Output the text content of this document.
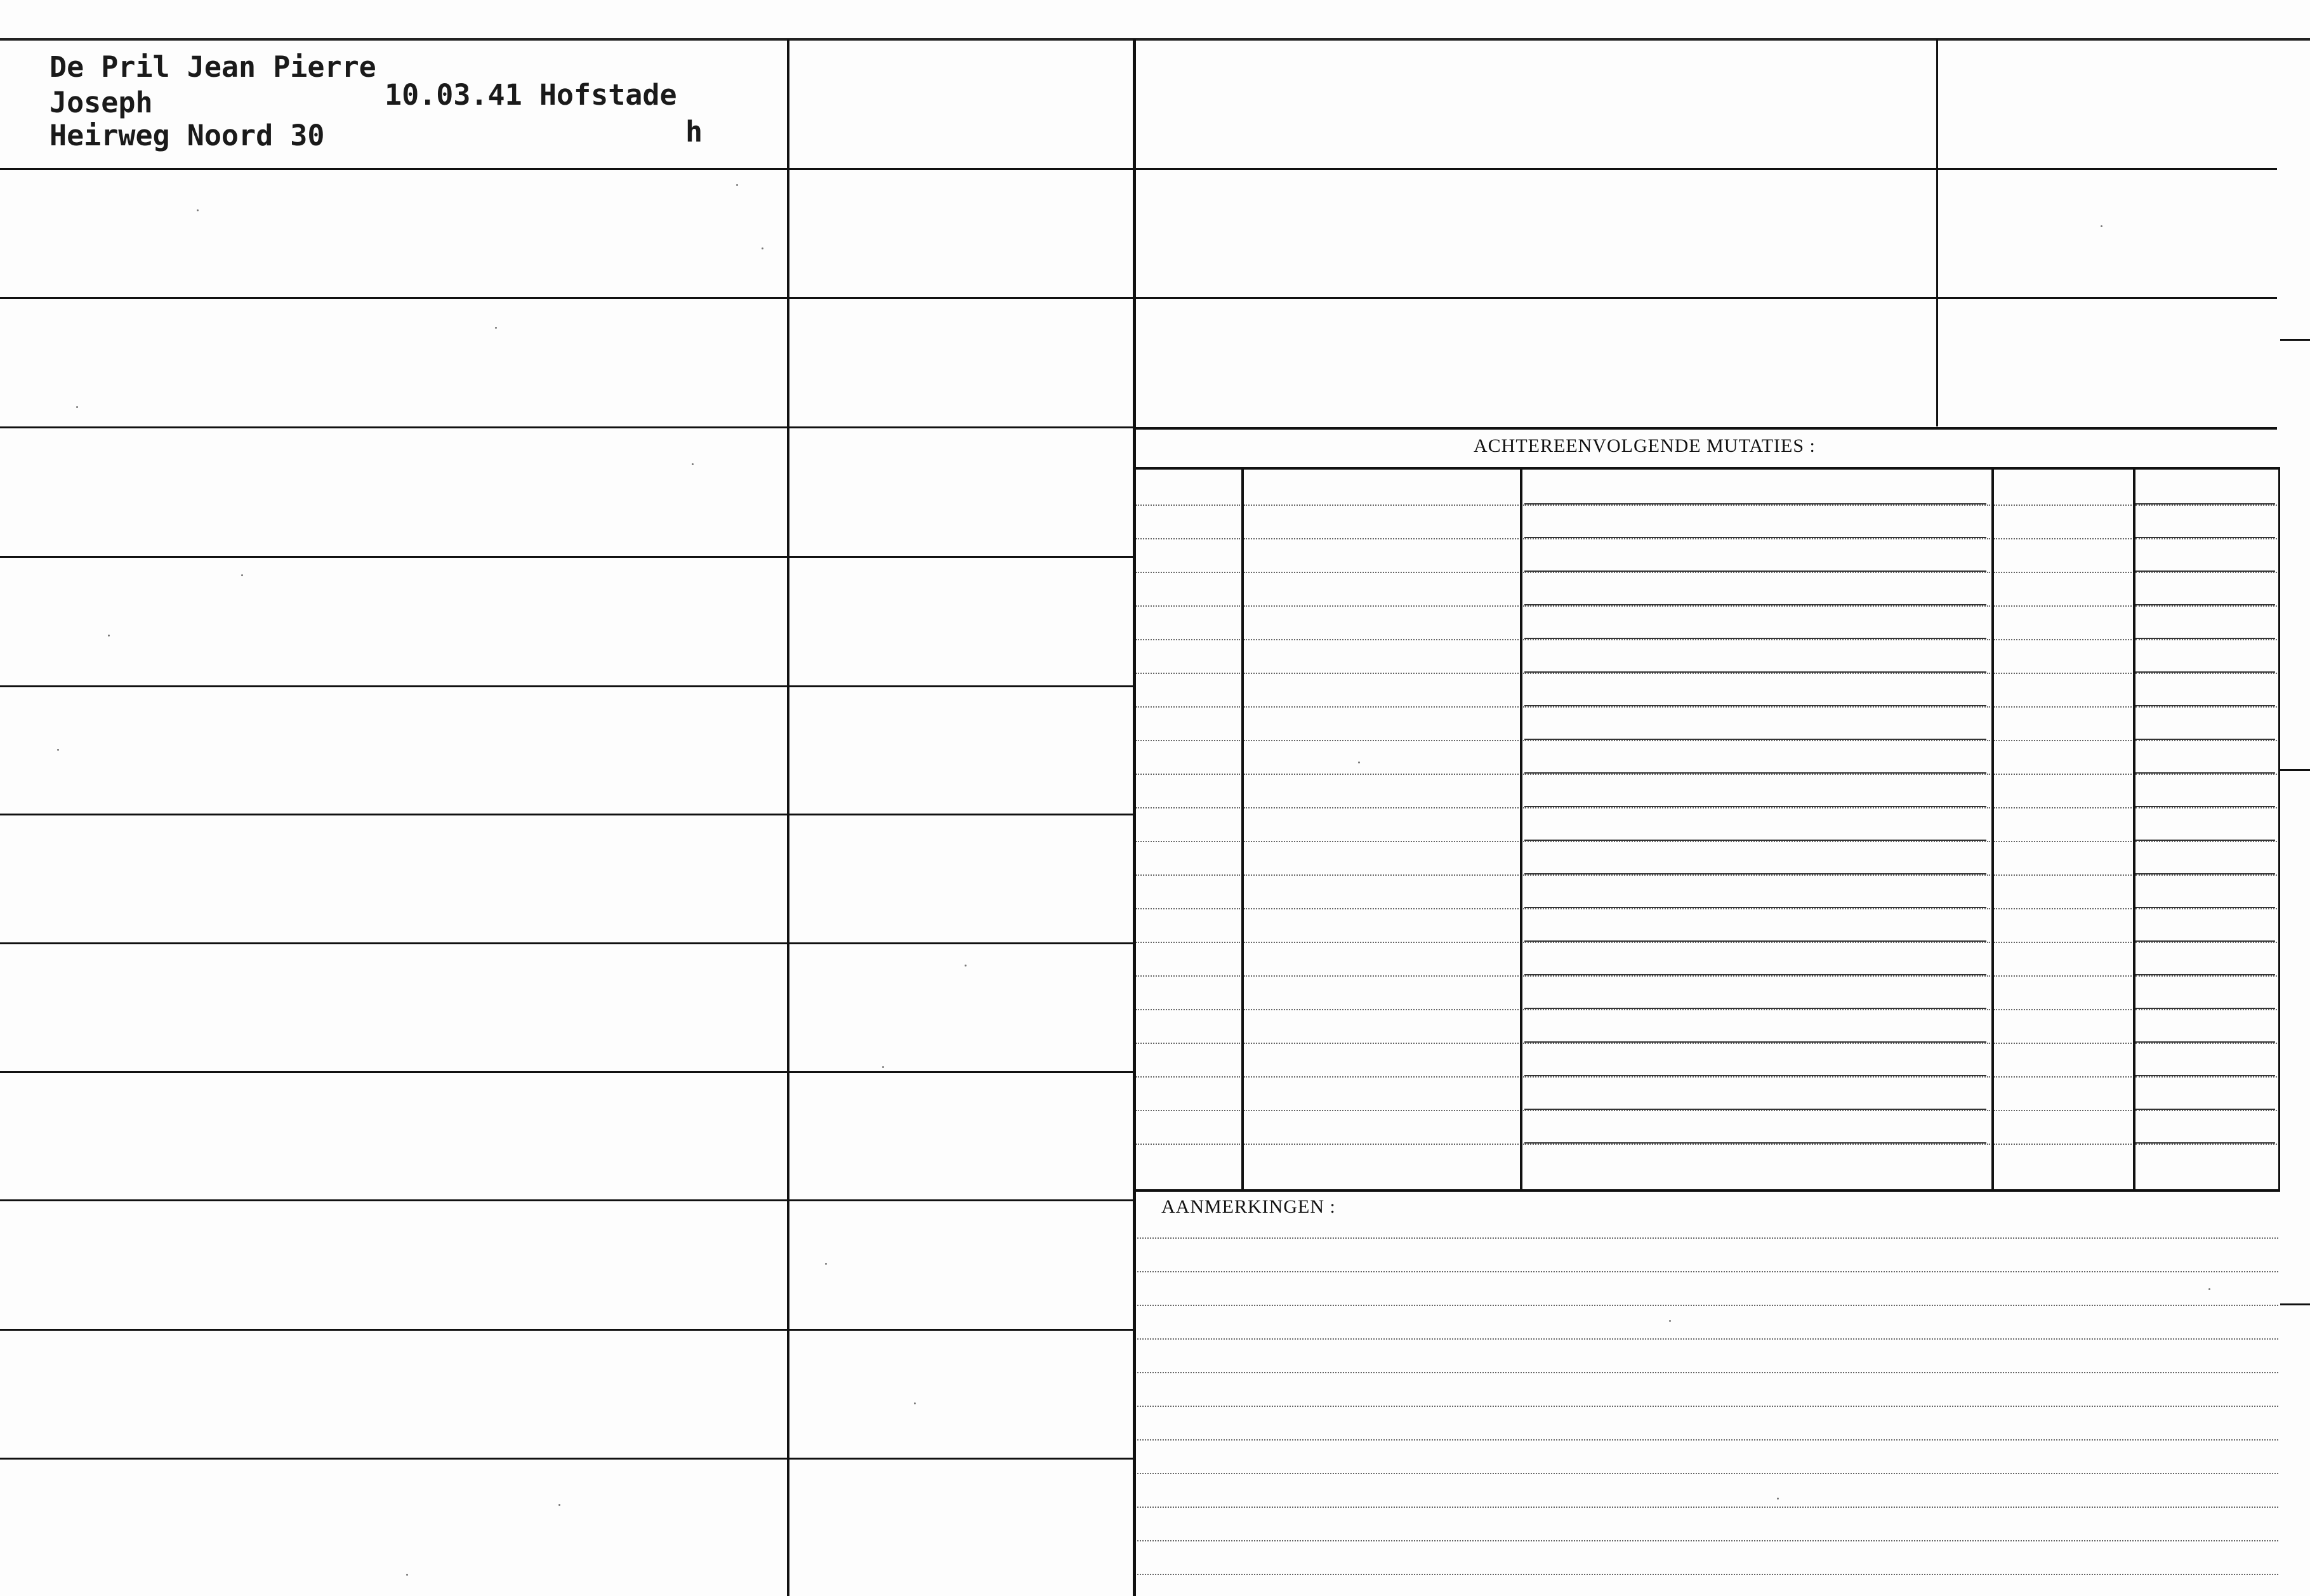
ACHTEREENVOLGENDE MUTATIES :
AANMERKINGEN :
De Pril Jean Pierre
Joseph
Heirweg Noord 30
10.03.41 Hofstade
h
